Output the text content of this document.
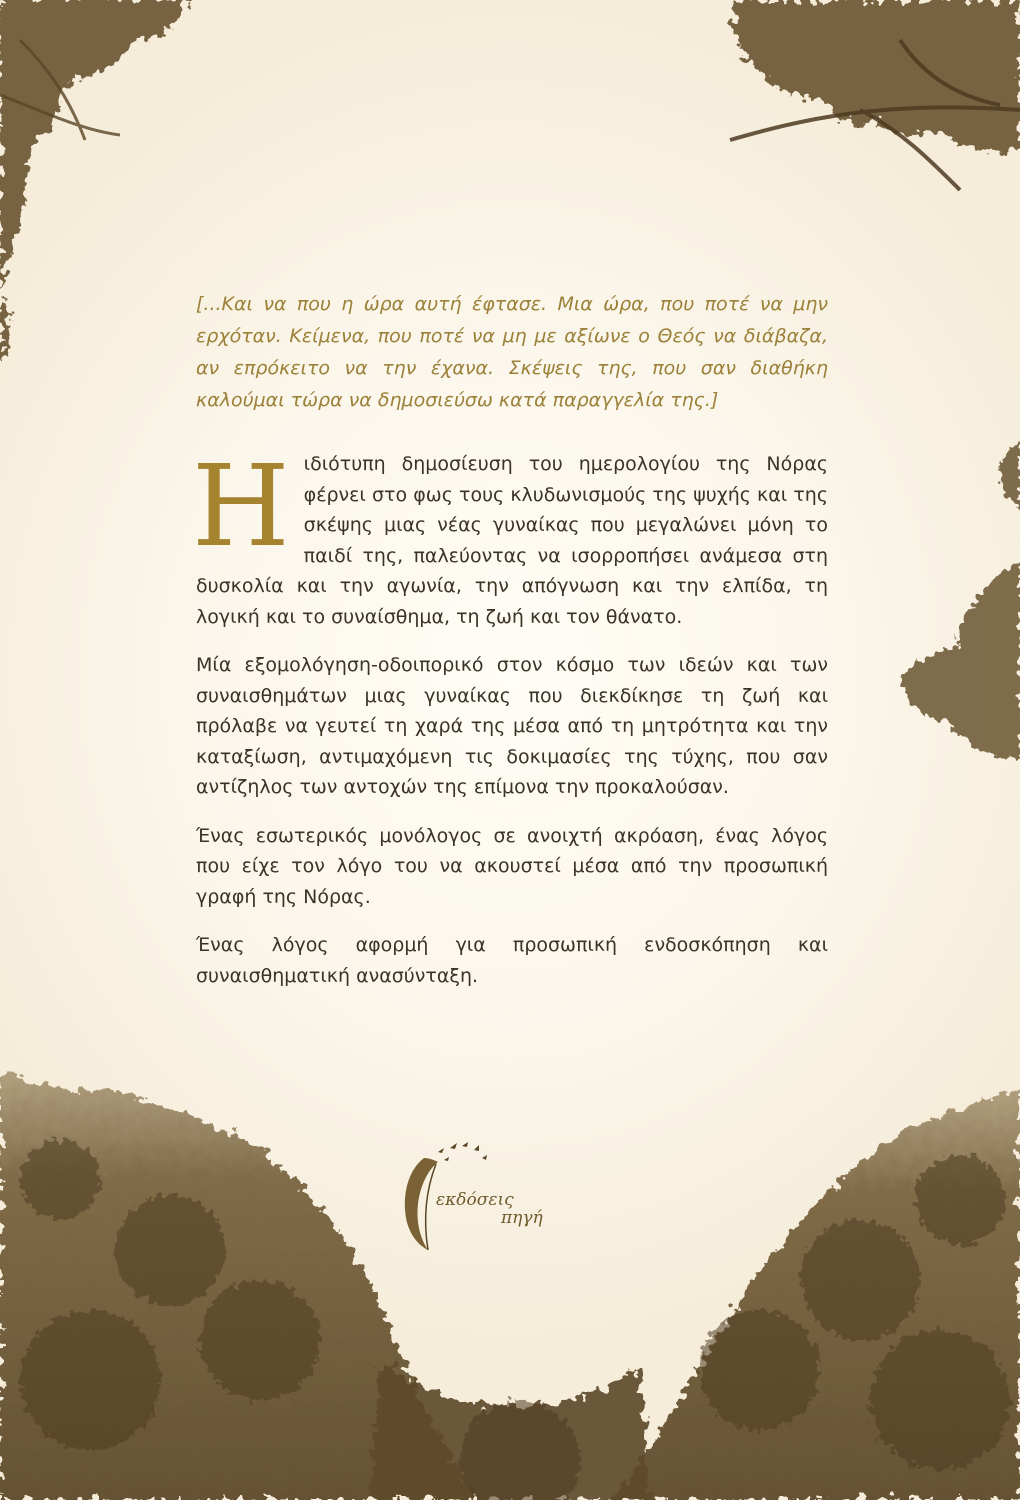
[...Και να που η ώρα αυτή έφτασε. Μια ώρα, που ποτέ να μην ερχόταν. Κείμενα, που ποτέ να μη με αξίωνε ο Θεός να διάβαζα, αν επρόκειτο να την έχανα. Σκέψεις της, που σαν διαθήκη καλούμαι τώρα να δημοσιεύσω κατά παραγγελία της.]

Η ιδιότυπη δημοσίευση του ημερολογίου της Νόρας φέρνει στο φως τους κλυδωνισμούς της ψυχής και της σκέψης μιας νέας γυναίκας που μεγαλώνει μόνη το παιδί της, παλεύοντας να ισορροπήσει ανάμεσα στη δυσκολία και την αγωνία, την απόγνωση και την ελπίδα, τη λογική και το συναίσθημα, τη ζωή και τον θάνατο.

Μία εξομολόγηση-οδοιπορικό στον κόσμο των ιδεών και των συναισθημάτων μιας γυναίκας που διεκδίκησε τη ζωή και πρόλαβε να γευτεί τη χαρά της μέσα από τη μητρότητα και την καταξίωση, αντιμαχόμενη τις δοκιμασίες της τύχης, που σαν αντίζηλος των αντοχών της επίμονα την προκαλούσαν.

Ένας εσωτερικός μονόλογος σε ανοιχτή ακρόαση, ένας λόγος που είχε τον λόγο του να ακουστεί μέσα από την προσωπική γραφή της Νόρας.

Ένας λόγος αφορμή για προσωπική ενδοσκόπηση και συναισθηματική ανασύνταξη.

εκδόσεις
πηγή
